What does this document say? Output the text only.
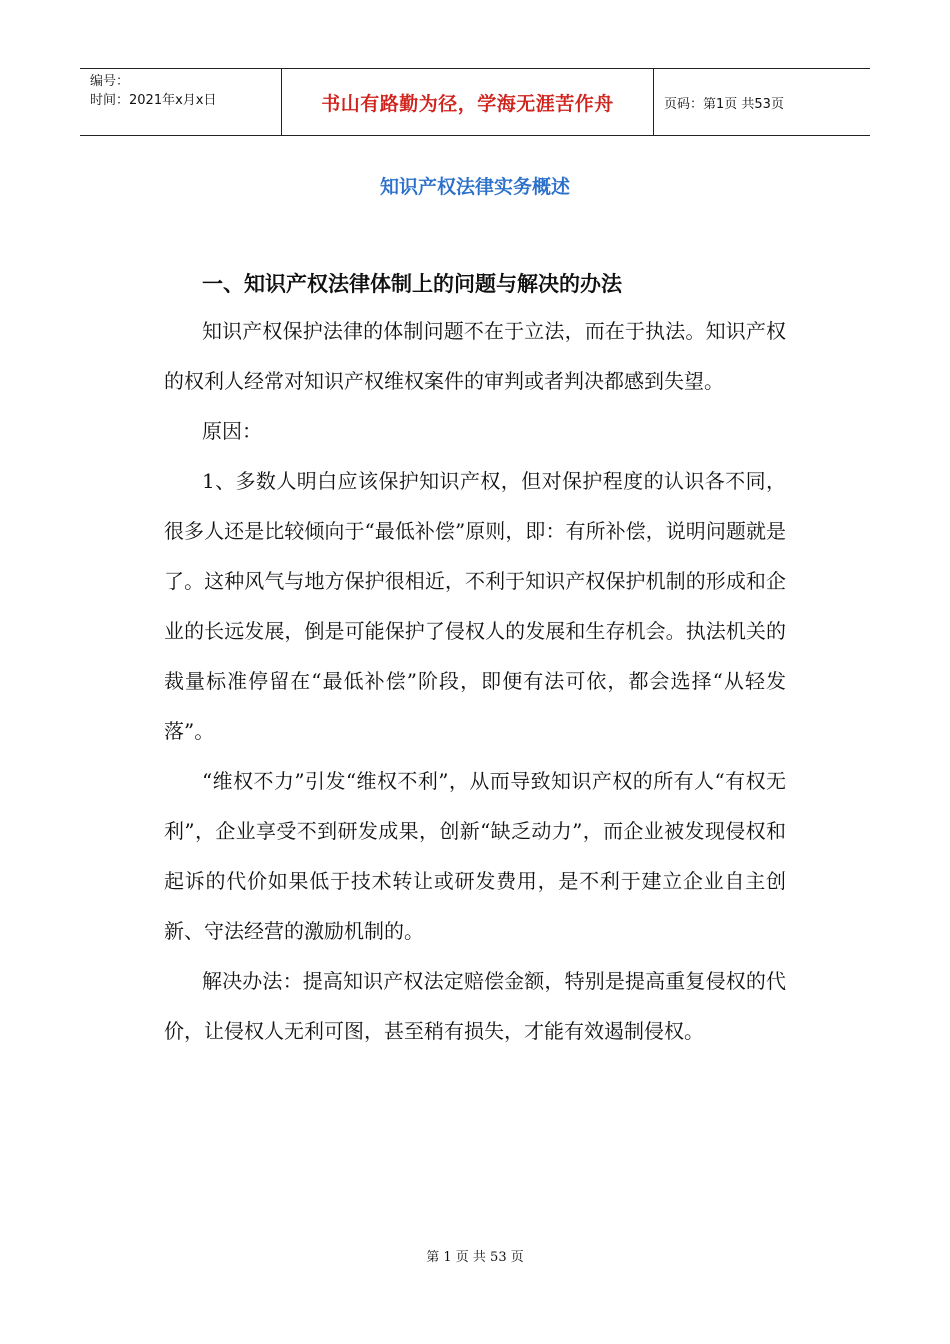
编号：
时间：2021年x月x日	书山有路勤为径，学海无涯苦作舟	页码：第1页 共53页
知识产权法律实务概述
一、知识产权法律体制上的问题与解决的办法

知识产权保护法律的体制问题不在于立法，而在于执法。知识产权的权利人经常对知识产权维权案件的审判或者判决都感到失望。

原因：

1、多数人明白应该保护知识产权，但对保护程度的认识各不同，很多人还是比较倾向于“最低补偿”原则，即：有所补偿，说明问题就是了。这种风气与地方保护很相近，不利于知识产权保护机制的形成和企业的长远发展，倒是可能保护了侵权人的发展和生存机会。执法机关的裁量标准停留在“最低补偿”阶段，即便有法可依，都会选择“从轻发落”。

“维权不力”引发“维权不利”，从而导致知识产权的所有人“有权无利”，企业享受不到研发成果，创新“缺乏动力”，而企业被发现侵权和起诉的代价如果低于技术转让或研发费用，是不利于建立企业自主创新、守法经营的激励机制的。

解决办法：提高知识产权法定赔偿金额，特别是提高重复侵权的代价，让侵权人无利可图，甚至稍有损失，才能有效遏制侵权。

第 1 页 共 53 页
